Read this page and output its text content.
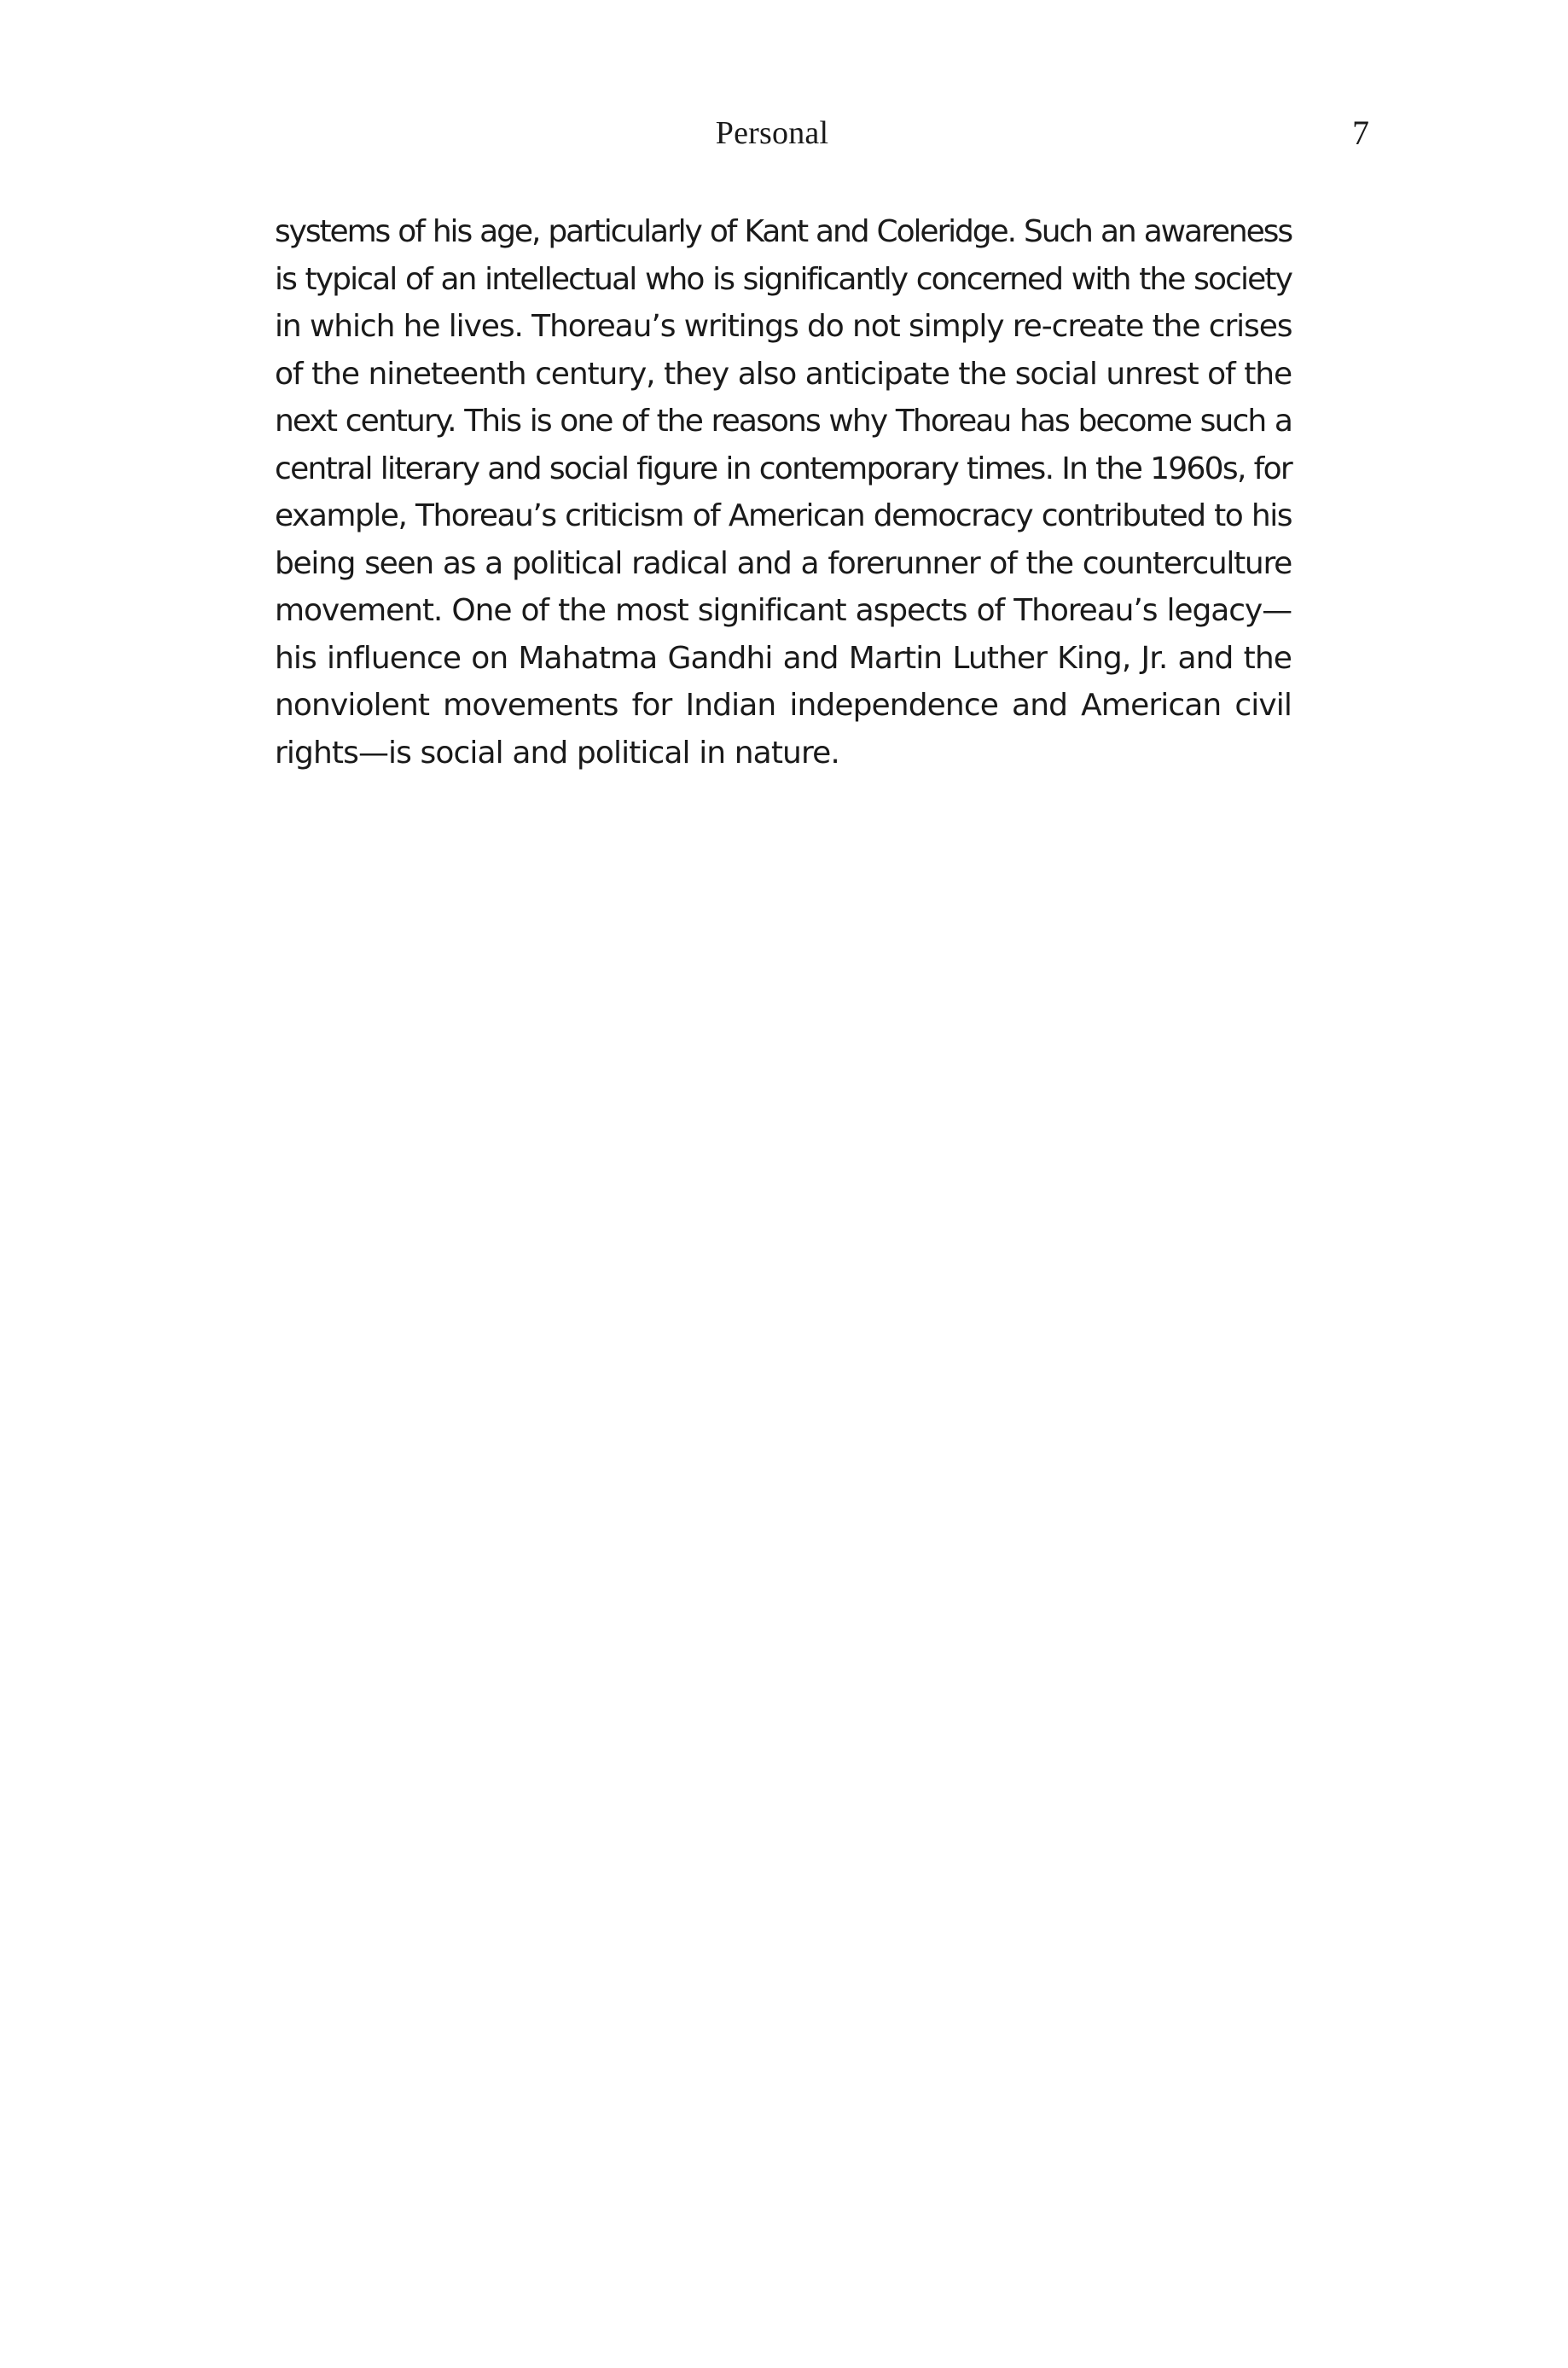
Personal	7
systems of his age, particularly of Kant and Coleridge. Such an awareness
is typical of an intellectual who is significantly concerned with the society
in which he lives. Thoreau’s writings do not simply re-create the crises
of the nineteenth century, they also anticipate the social unrest of the
next century. This is one of the reasons why Thoreau has become such a
central literary and social figure in contemporary times. In the 1960s, for
example, Thoreau’s criticism of American democracy contributed to his
being seen as a political radical and a forerunner of the counterculture
movement. One of the most significant aspects of Thoreau’s legacy—
his influence on Mahatma Gandhi and Martin Luther King, Jr. and the
nonviolent movements for Indian independence and American civil
rights—is social and political in nature.
